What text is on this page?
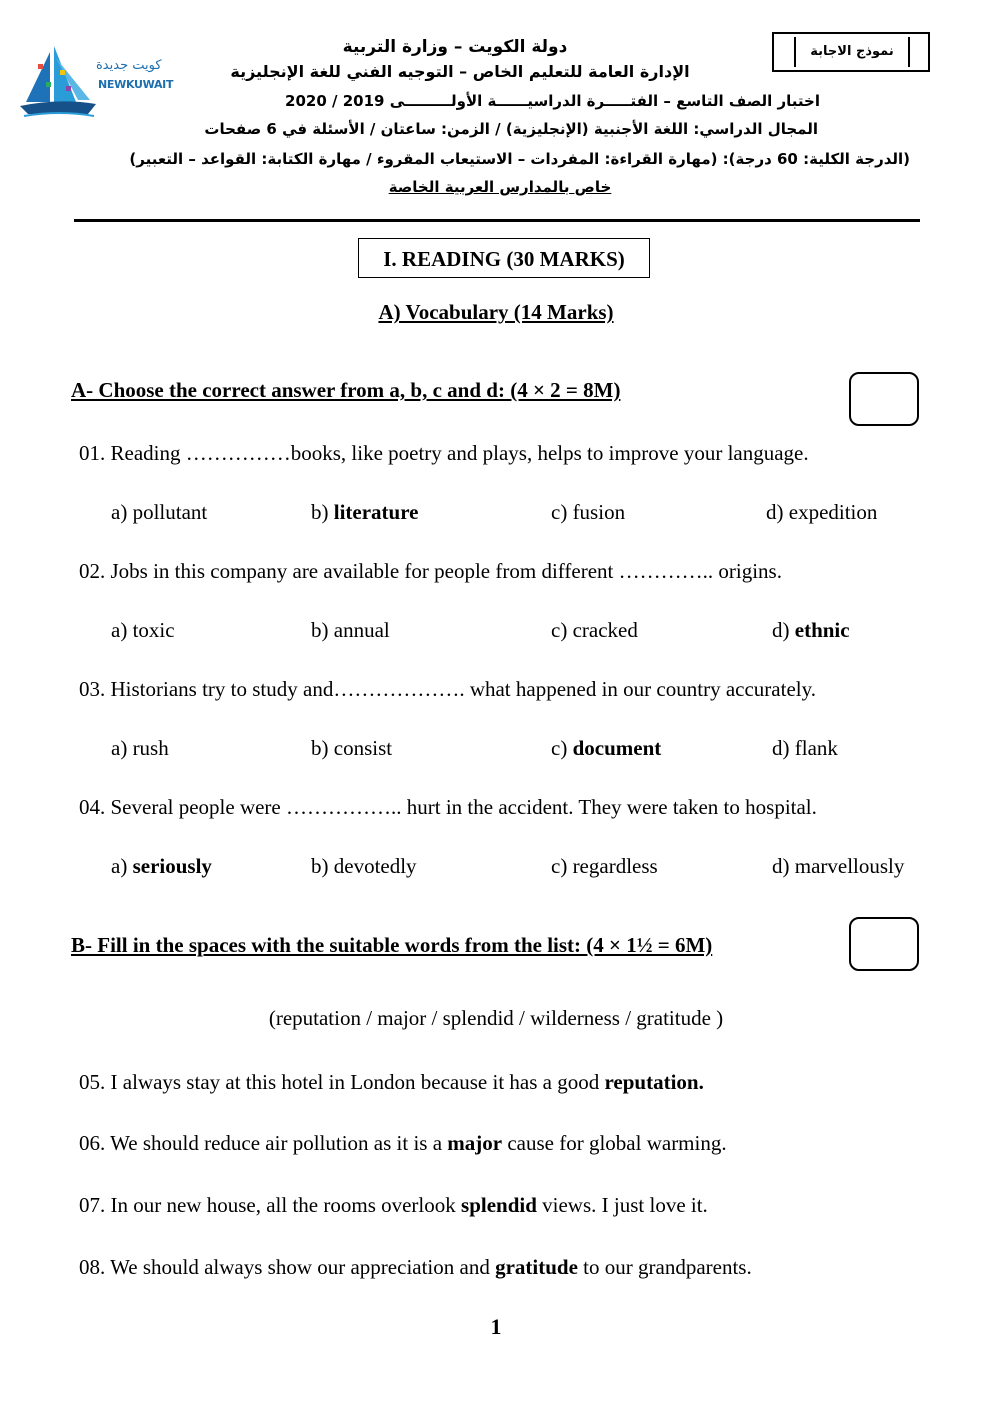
كويت جديدة
NEWKUWAIT
نموذج الاجابة
دولة الكويت – وزارة التربية
الإدارة العامة للتعليم الخاص – التوجيه الفني للغة الإنجليزية
اختبار الصف التاسع – الفتـــــرة الدراسيــــــة الأولـــــــــى 2019 / 2020
المجال الدراسي: اللغة الأجنبية (الإنجليزية) / الزمن: ساعتان / الأسئلة في 6 صفحات
(الدرجة الكلية: 60 درجة): (مهارة القراءة: المفردات – الاستيعاب المقروء / مهارة الكتابة: القواعد – التعبير)
خاص بالمدارس العربية الخاصة
I. READING (30 MARKS)
A) Vocabulary (14 Marks)
A- Choose the correct answer from a, b, c and d: (4 × 2 = 8M)
01. Reading ……………books, like poetry and plays, helps to improve your language.
a) pollutant	b) literature	c) fusion	d) expedition
02. Jobs in this company are available for people from different ………….. origins.
a) toxic	b) annual	c) cracked	d) ethnic
03. Historians try to study and………………. what happened in our country accurately.
a) rush	b) consist	c) document	d) flank
04. Several people were …………….. hurt in the accident. They were taken to hospital.
a) seriously	b) devotedly	c) regardless	d) marvellously
B- Fill in the spaces with the suitable words from the list: (4 × 1½ = 6M)
(reputation / major / splendid / wilderness / gratitude )
05. I always stay at this hotel in London because it has a good reputation.
06. We should reduce air pollution as it is a major cause for global warming.
07. In our new house, all the rooms overlook splendid views. I just love it.
08. We should always show our appreciation and gratitude to our grandparents.
1
